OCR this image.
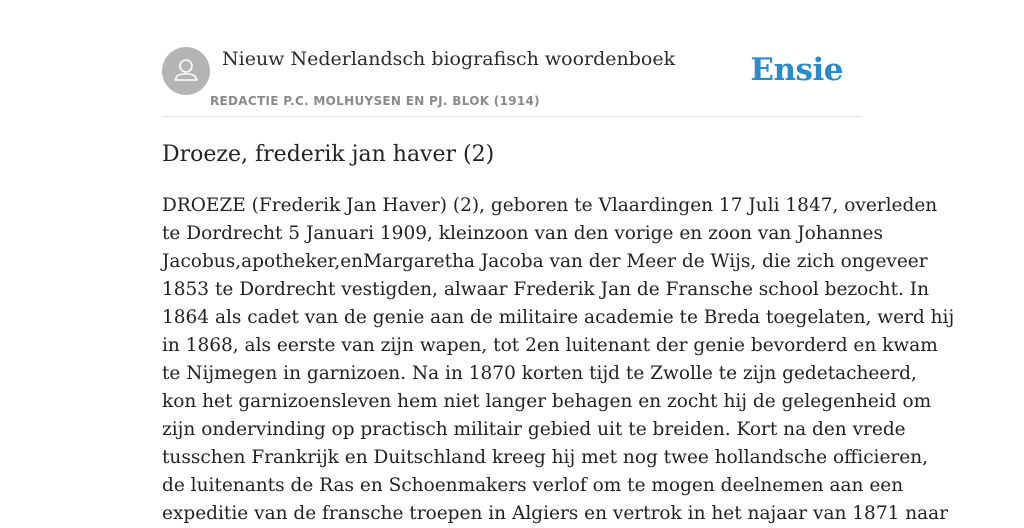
Nieuw Nederlandsch biografisch woordenboek
REDACTIE P.C. MOLHUYSEN EN PJ. BLOK (1914)
Ensie
Droeze, frederik jan haver (2)

DROEZE (Frederik Jan Haver) (2), geboren te Vlaardingen 17 Juli 1847, overleden
te Dordrecht 5 Januari 1909, kleinzoon van den vorige en zoon van Johannes
Jacobus,apotheker,enMargaretha Jacoba van der Meer de Wijs, die zich ongeveer
1853 te Dordrecht vestigden, alwaar Frederik Jan de Fransche school bezocht. In
1864 als cadet van de genie aan de militaire academie te Breda toegelaten, werd hij
in 1868, als eerste van zijn wapen, tot 2en luitenant der genie bevorderd en kwam
te Nijmegen in garnizoen. Na in 1870 korten tijd te Zwolle te zijn gedetacheerd,
kon het garnizoensleven hem niet langer behagen en zocht hij de gelegenheid om
zijn ondervinding op practisch militair gebied uit te breiden. Kort na den vrede
tusschen Frankrijk en Duitschland kreeg hij met nog twee hollandsche officieren,
de luitenants de Ras en Schoenmakers verlof om te mogen deelnemen aan een
expeditie van de fransche troepen in Algiers en vertrok in het najaar van 1871 naar
